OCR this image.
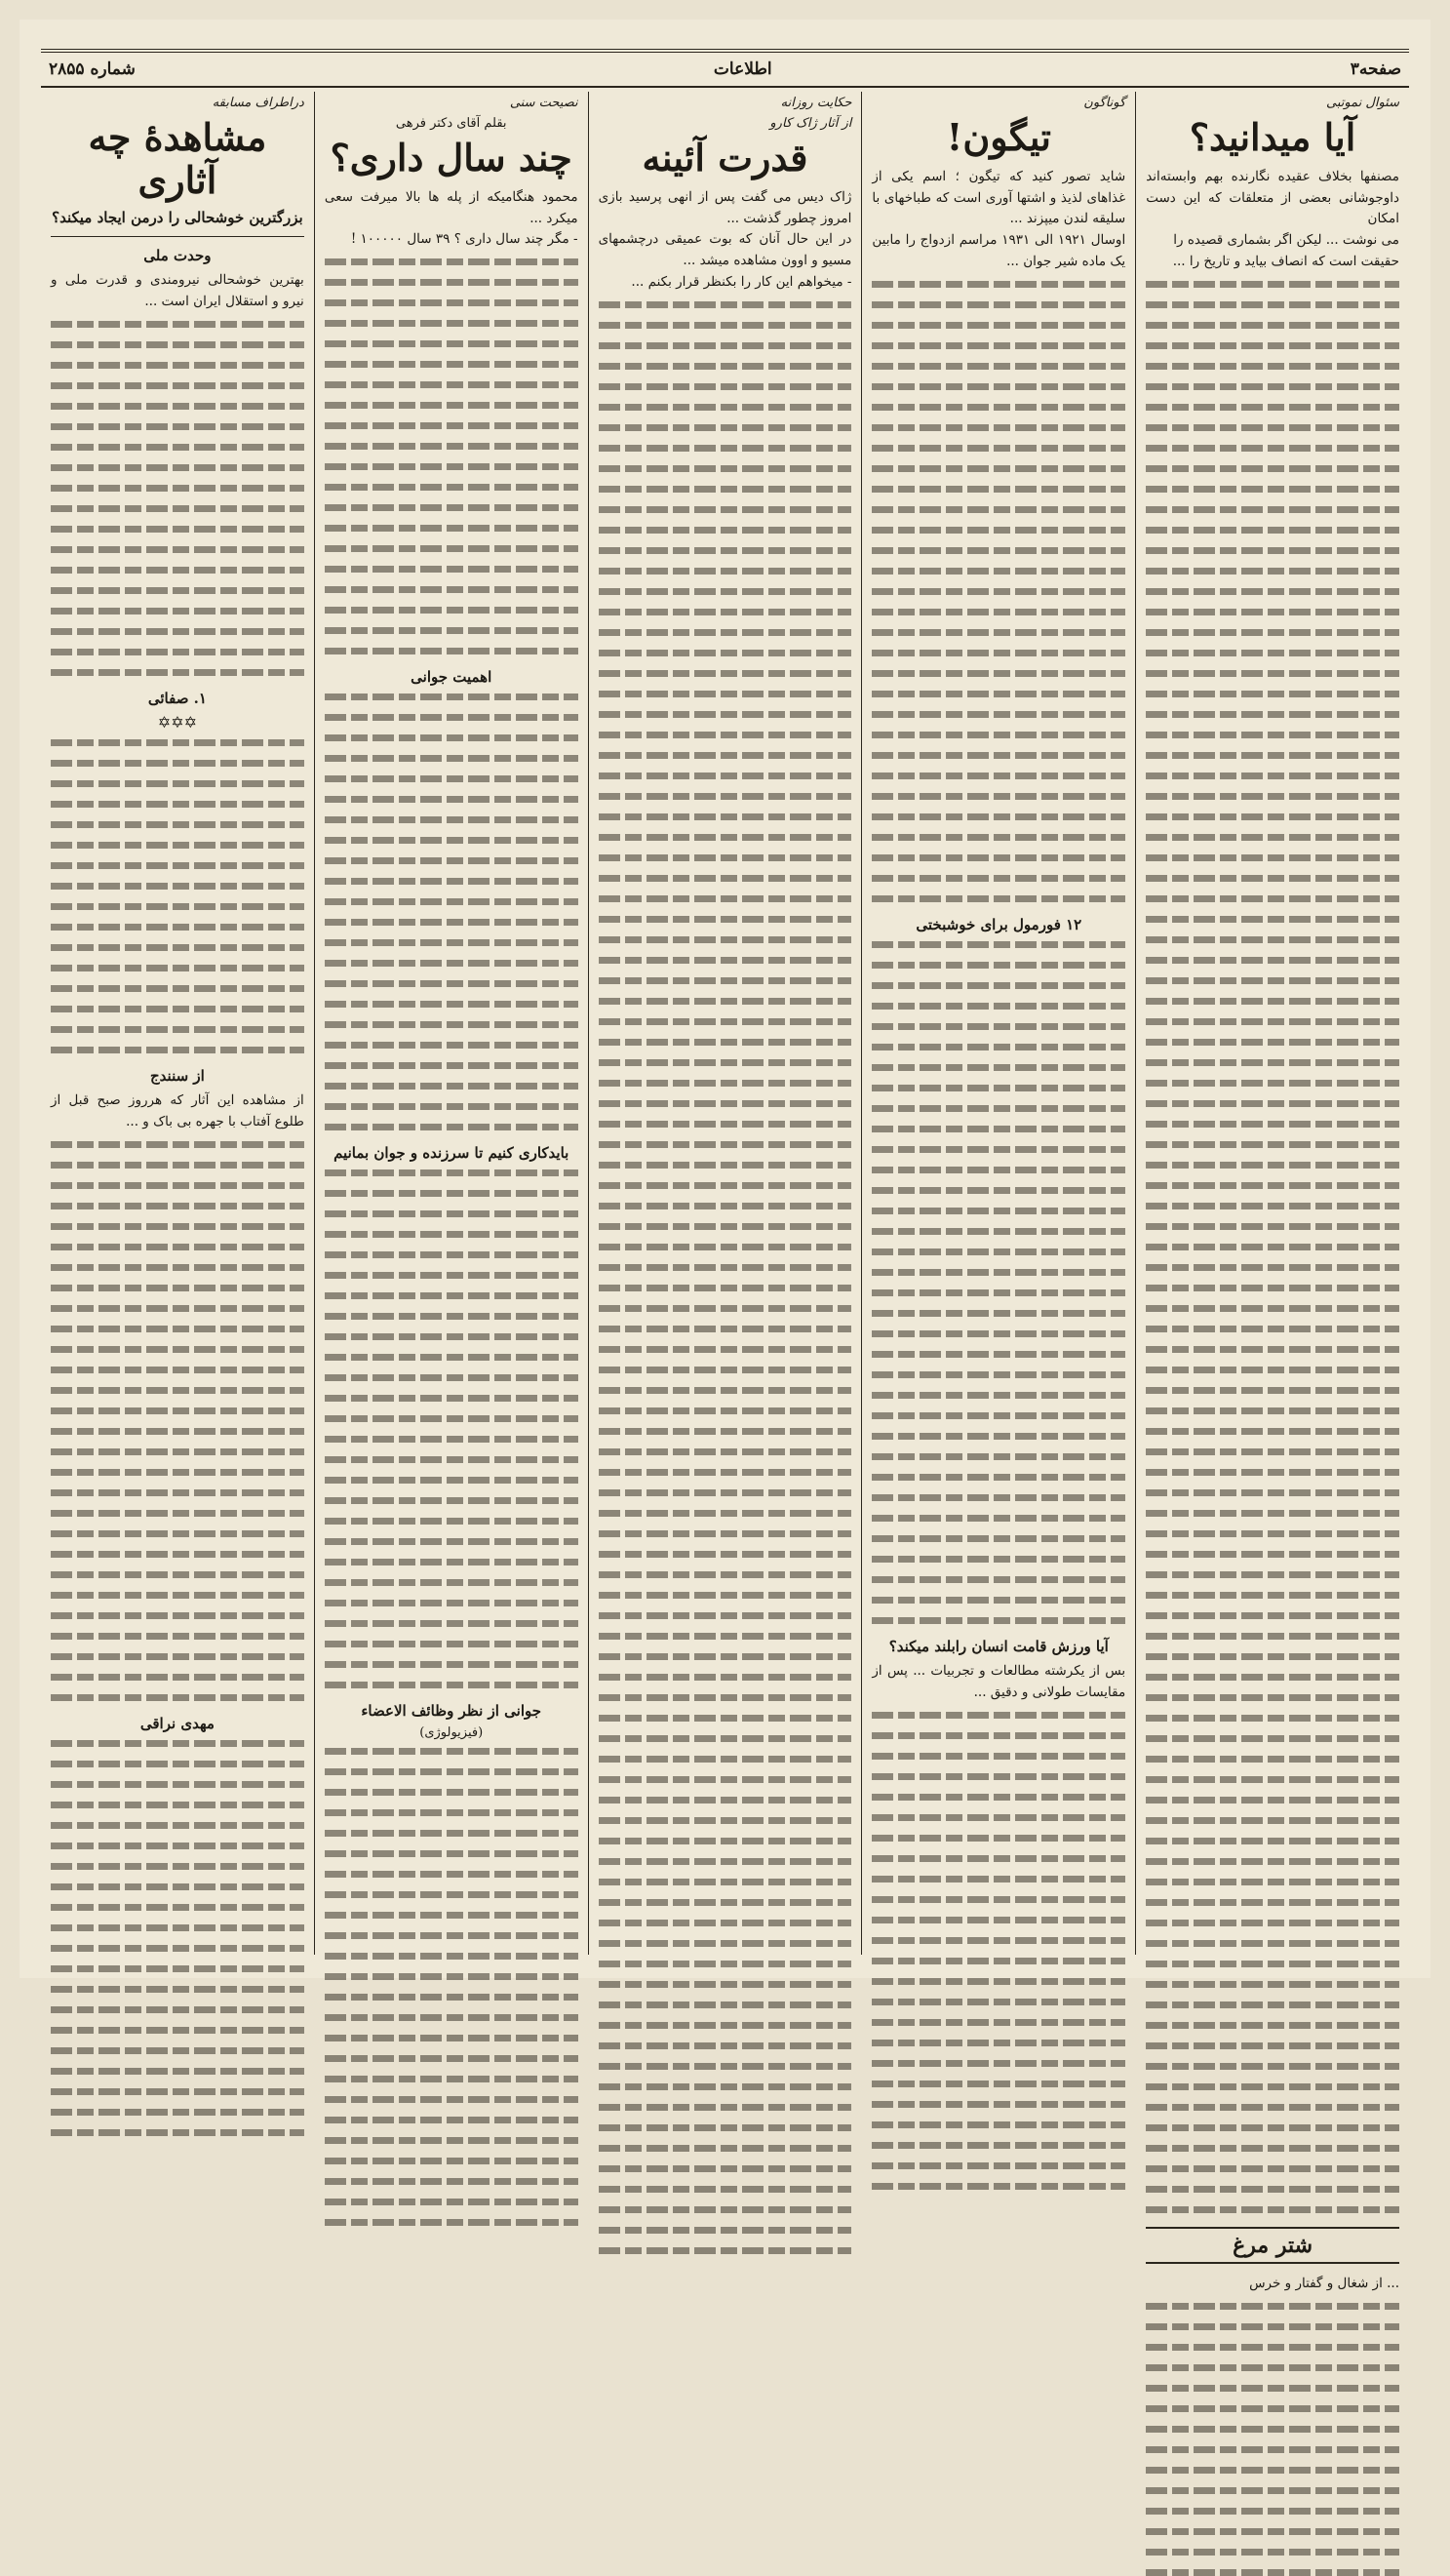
صفحه۳
اطلاعات
شماره ۲۸۵۵
سئوال نموتبی
آیا میدانید؟
مصنفها بخلاف عقیده نگارنده بهم وابسته‌اند داوجوشانی بعضی از متعلقات که این دست امکان
می نوشت ... لیکن اگر بشماری قصیده را
حقیقت است که انصاف بیاید و تاریخ را ...
شتر مرغ
... از شغال و گفتار و خرس
گوناگون
تیگون!
شاید تصور کنید که تیگون ؛ اسم یکی از غذاهای لذیذ و اشتها آوری است که طباخهای با سلیقه لندن میپزند ...
اوسال ۱۹۲۱ الی ۱۹۳۱ مراسم ازدواج را مابین یک ماده شیر جوان ...
۱۲ فورمول برای خوشبختی
آیا ورزش قامت انسان رابلند میکند؟
بس از یکرشته مطالعات و تجربیات ... پس از مقایسات طولانی و دقیق ...
حکایت روزانه
از آثار ژاک کارو
قدرت آئینه
ژاک دیس می گفت پس از انهی پرسید بازی امروز چطور گذشت ...
در این حال آنان که بوت عمیقی درچشمهای مسیو و اوون مشاهده میشد ...
- میخواهم این کار را بکنظر قرار بکنم ...
نصیحت سنی
بقلم آقای دکتر فرهی
چند سال داری؟
محمود هنگامیکه از پله ها بالا میرفت سعی میکرد ...
- مگر چند سال داری ؟ ۳۹ سال ۱۰۰۰۰۰ !
اهمیت جوانی
بایدکاری کنیم تا سرزنده و جوان بمانیم
جوانی از نظر وظائف الاعضاء
(فیزیولوژی)
دراطراف مسابقه
مشاهدهٔ چه آثاری
بزرگترین خوشحالی را درمن ایجاد میکند؟
وحدت ملی
بهترین خوشحالی نیرومندی و قدرت ملی و نیرو و استقلال ایران است ...
۱. صفائی
✡✡✡
از سنندج
از مشاهده این آثار که هرروز صبح قبل از طلوع آفتاب با جهره بی باک و ...
مهدی نراقی
